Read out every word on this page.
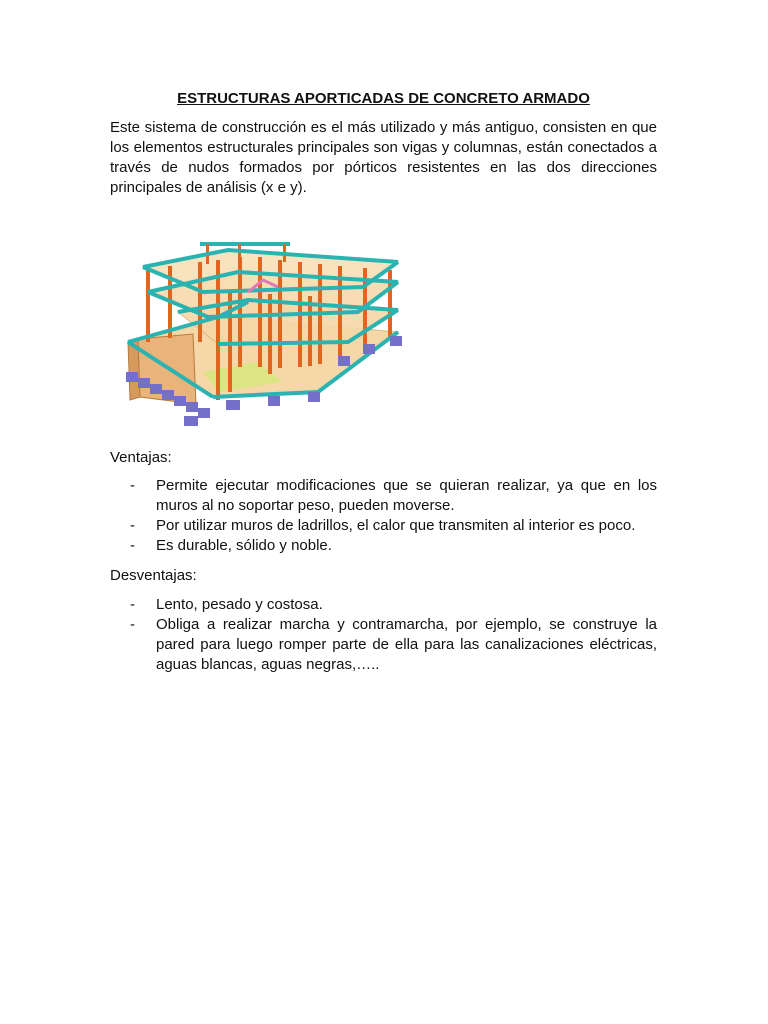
ESTRUCTURAS APORTICADAS DE CONCRETO ARMADO

Este sistema de construcción es el más utilizado y más antiguo, consisten en que los elementos estructurales principales son vigas y columnas, están conectados a través de nudos formados por pórticos resistentes en las dos direcciones principales de análisis (x e y).

Ventajas:

- Permite ejecutar modificaciones que se quieran realizar, ya que en los muros al no soportar peso, pueden moverse.
- Por utilizar muros de ladrillos, el calor que transmiten al interior es poco.
- Es durable, sólido y noble.

Desventajas:

- Lento, pesado y costosa.
- Obliga a realizar marcha y contramarcha, por ejemplo, se construye la pared para luego romper parte de ella para las canalizaciones eléctricas, aguas blancas, aguas negras,…..
